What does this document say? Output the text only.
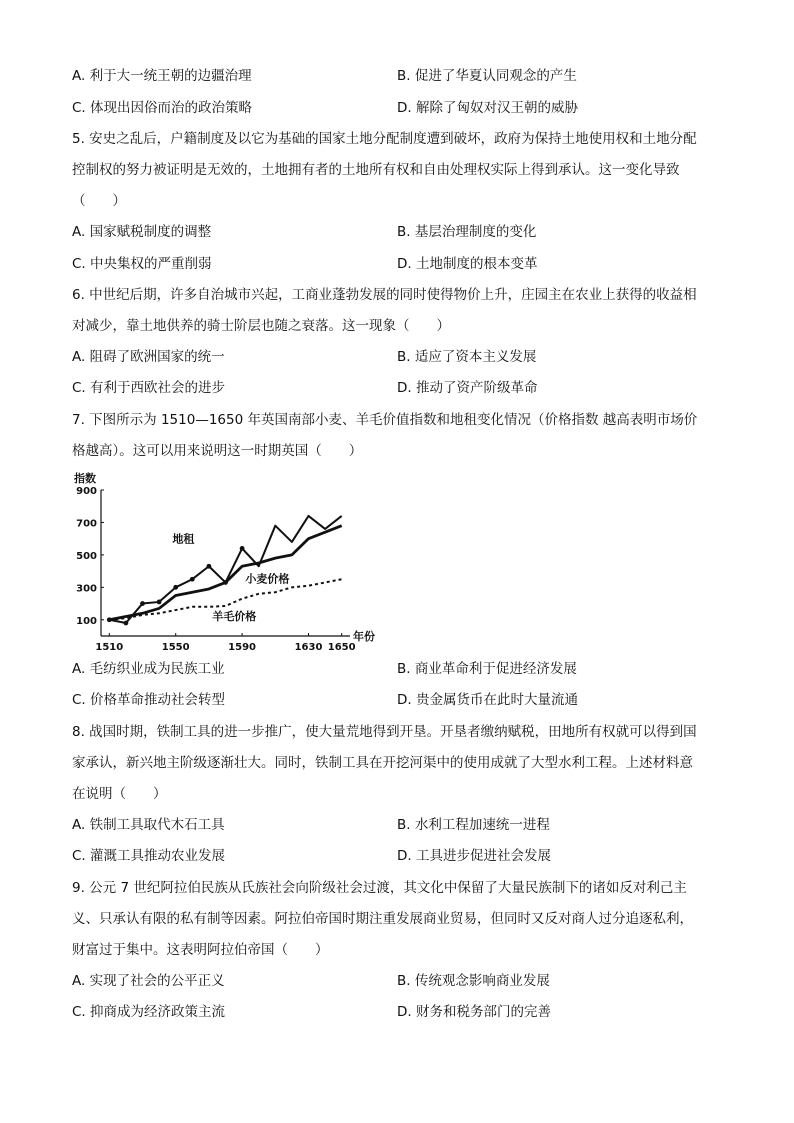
A. 利于大一统王朝的边疆治理	B. 促进了华夏认同观念的产生
C. 体现出因俗而治的政治策略	D. 解除了匈奴对汉王朝的威胁
5. 安史之乱后，户籍制度及以它为基础的国家土地分配制度遭到破坏，政府为保持土地使用权和土地分配
控制权的努力被证明是无效的，土地拥有者的土地所有权和自由处理权实际上得到承认。这一变化导致
（　　）
A. 国家赋税制度的调整	B. 基层治理制度的变化
C. 中央集权的严重削弱	D. 土地制度的根本变革
6. 中世纪后期，许多自治城市兴起，工商业蓬勃发展的同时使得物价上升，庄园主在农业上获得的收益相
对减少，靠土地供养的骑士阶层也随之衰落。这一现象（　　）
A. 阻碍了欧洲国家的统一	B. 适应了资本主义发展
C. 有利于西欧社会的进步	D. 推动了资产阶级革命
7. 下图所示为 1510—1650 年英国南部小麦、羊毛价值指数和地租变化情况（价格指数 越高表明市场价
格越高）。这可以用来说明这一时期英国（　　）
100
300
500
700
900
1510	1550	1590	1630 1650
指数
年份
地租
小麦价格
羊毛价格
A. 毛纺织业成为民族工业	B. 商业革命利于促进经济发展
C. 价格革命推动社会转型	D. 贵金属货币在此时大量流通
8. 战国时期，铁制工具的进一步推广，使大量荒地得到开垦。开垦者缴纳赋税，田地所有权就可以得到国
家承认，新兴地主阶级逐渐壮大。同时，铁制工具在开挖河渠中的使用成就了大型水利工程。上述材料意
在说明（　　）
A. 铁制工具取代木石工具	B. 水利工程加速统一进程
C. 灌溉工具推动农业发展	D. 工具进步促进社会发展
9. 公元 7 世纪阿拉伯民族从氏族社会向阶级社会过渡，其文化中保留了大量民族制下的诸如反对利己主
义、只承认有限的私有制等因素。阿拉伯帝国时期注重发展商业贸易，但同时又反对商人过分追逐私利，
财富过于集中。这表明阿拉伯帝国（　　）
A. 实现了社会的公平正义	B. 传统观念影响商业发展
C. 抑商成为经济政策主流	D. 财务和税务部门的完善
